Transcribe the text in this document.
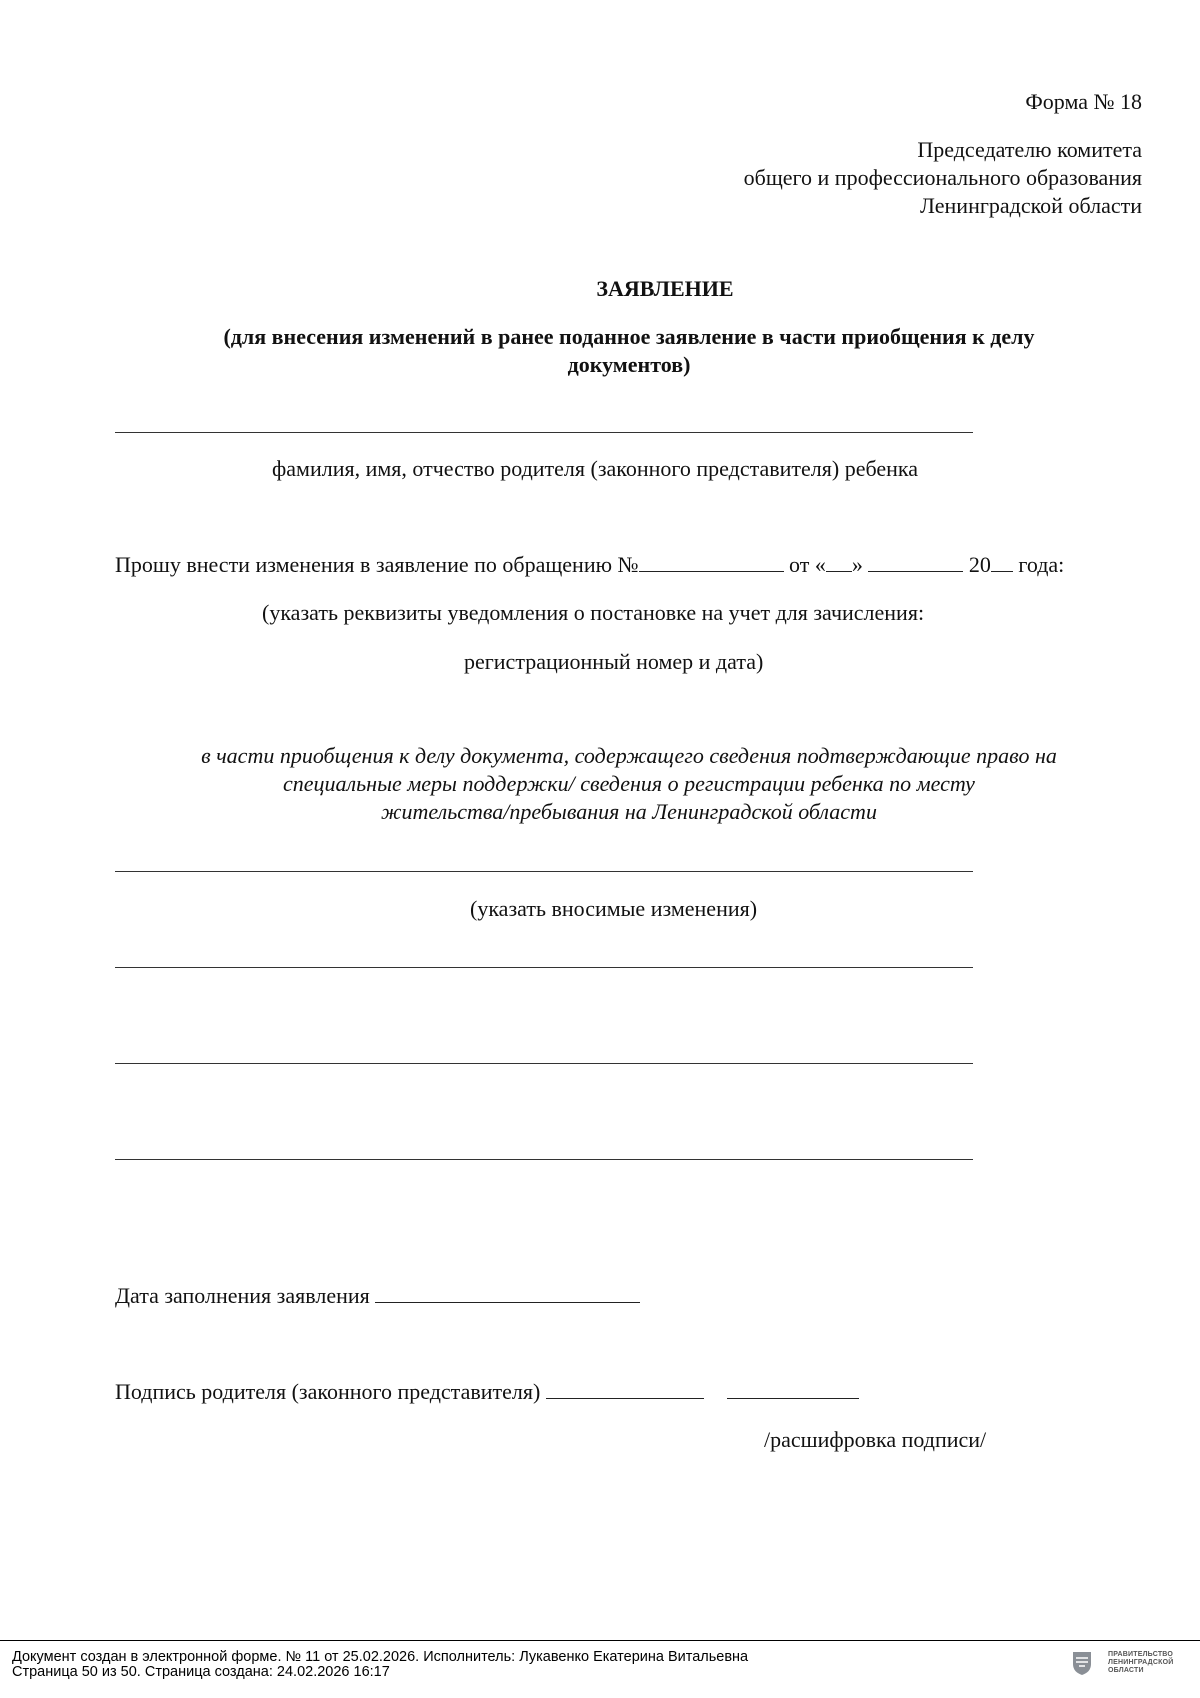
Форма № 18
Председателю комитета
общего и профессионального образования
Ленинградской области
ЗАЯВЛЕНИЕ
(для внесения изменений в ранее поданное заявление в части приобщения к делу
документов)
фамилия, имя, отчество родителя (законного представителя) ребенка
Прошу внести изменения в заявление по обращению №	от « »	20 года:
(указать реквизиты уведомления о постановке на учет для зачисления:
регистрационный номер и дата)
в части приобщения к делу документа, содержащего сведения подтверждающие право на
специальные меры поддержки/ сведения о регистрации ребенка по месту
жительства/пребывания на Ленинградской области
(указать вносимые изменения)
Дата заполнения заявления
Подпись родителя (законного представителя)
/расшифровка подписи/
Документ создан в электронной форме. № 11 от 25.02.2026. Исполнитель: Лукавенко Екатерина Витальевна
Страница 50 из 50. Страница создана: 24.02.2026 16:17
ПРАВИТЕЛЬСТВО
ЛЕНИНГРАДСКОЙ
ОБЛАСТИ
